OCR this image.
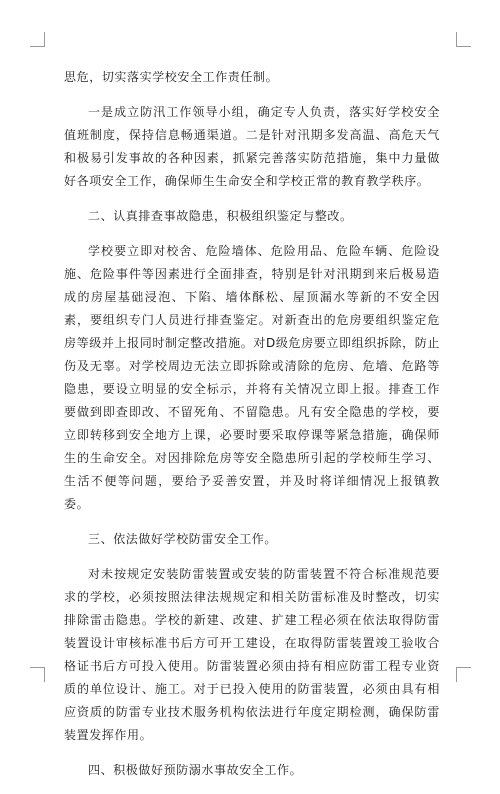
思危，切实落实学校安全工作责任制。

一是成立防汛工作领导小组，确定专人负责，落实好学校安全值班制度，保持信息畅通渠道。二是针对汛期多发高温、高危天气和极易引发事故的各种因素，抓紧完善落实防范措施，集中力量做好各项安全工作，确保师生生命安全和学校正常的教育教学秩序。

二、认真排查事故隐患，积极组织鉴定与整改。

学校要立即对校舍、危险墙体、危险用品、危险车辆、危险设施、危险事件等因素进行全面排查，特别是针对汛期到来后极易造成的房屋基础浸泡、下陷、墙体酥松、屋顶漏水等新的不安全因素，要组织专门人员进行排查鉴定。对新查出的危房要组织鉴定危房等级并上报同时制定整改措施。对D级危房要立即组织拆除，防止伤及无辜。对学校周边无法立即拆除或清除的危房、危墙、危路等隐患，要设立明显的安全标示，并将有关情况立即上报。排查工作要做到即查即改、不留死角、不留隐患。凡有安全隐患的学校，要立即转移到安全地方上课，必要时要采取停课等紧急措施，确保师生的生命安全。对因排除危房等安全隐患所引起的学校师生学习、生活不便等问题，要给予妥善安置，并及时将详细情况上报镇教委。

三、依法做好学校防雷安全工作。

对未按规定安装防雷装置或安装的防雷装置不符合标准规范要求的学校，必须按照法律法规规定和相关防雷标准及时整改，切实排除雷击隐患。学校的新建、改建、扩建工程必须在依法取得防雷装置设计审核标准书后方可开工建设，在取得防雷装置竣工验收合格证书后方可投入使用。防雷装置必须由持有相应防雷工程专业资质的单位设计、施工。对于已投入使用的防雷装置，必须由具有相应资质的防雷专业技术服务机构依法进行年度定期检测，确保防雷装置发挥作用。

四、积极做好预防溺水事故安全工作。
